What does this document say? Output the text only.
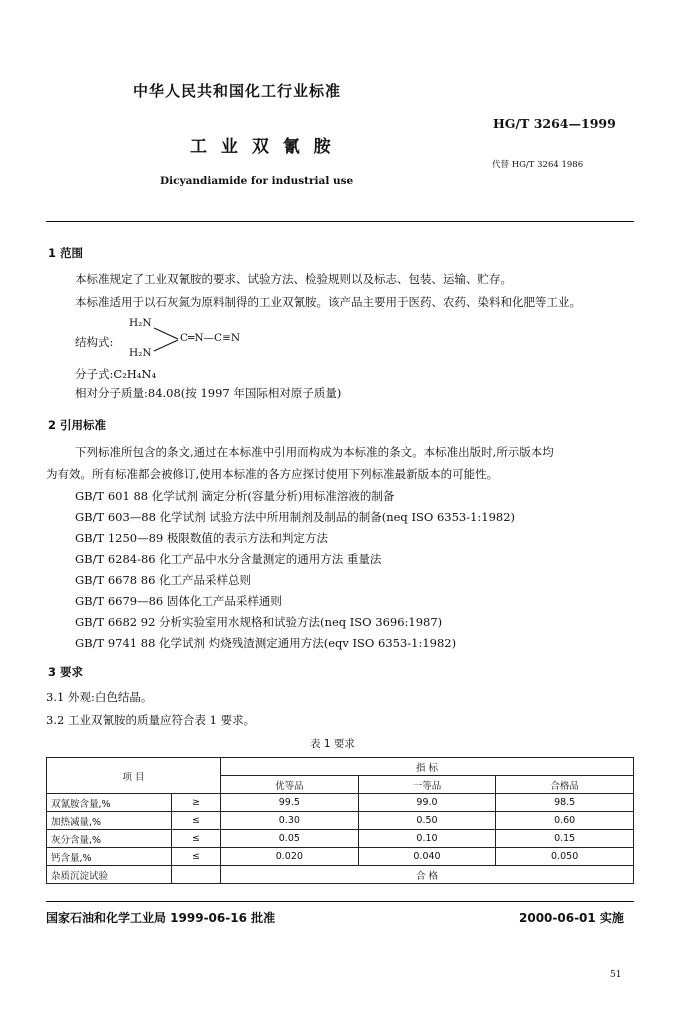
中华人民共和国化工行业标准
HG/T 3264—1999
工 业 双 氰 胺
代替 HG/T 3264 1986
Dicyandiamide for industrial use
1 范围
本标准规定了工业双氰胺的要求、试验方法、检验规则以及标志、包装、运输、贮存。
本标准适用于以石灰氮为原料制得的工业双氰胺。该产品主要用于医药、农药、染料和化肥等工业。
结构式:
H₂N
C═N—C≡N
H₂N
分子式:C₂H₄N₄
相对分子质量:84.08(按 1997 年国际相对原子质量)
2 引用标准
下列标准所包含的条文,通过在本标准中引用而构成为本标准的条文。本标准出版时,所示版本均
为有效。所有标准都会被修订,使用本标准的各方应探讨使用下列标准最新版本的可能性。
GB/T 601 88 化学试剂 滴定分析(容量分析)用标准溶液的制备
GB/T 603—88 化学试剂 试验方法中所用制剂及制品的制备(neq ISO 6353-1:1982)
GB/T 1250—89 极限数值的表示方法和判定方法
GB/T 6284-86 化工产品中水分含量测定的通用方法 重量法
GB/T 6678 86 化工产品采样总则
GB/T 6679—86 固体化工产品采样通则
GB/T 6682 92 分析实验室用水规格和试验方法(neq ISO 3696:1987)
GB/T 9741 88 化学试剂 灼烧残渣测定通用方法(eqv ISO 6353-1:1982)
3 要求
3.1 外观:白色结晶。
3.2 工业双氰胺的质量应符合表 1 要求。
表 1 要求
项 目		指 标		
		优等品	一等品	合格品
双氰胺含量,%	≥	99.5	99.0	98.5
加热减量,%	≤	0.30	0.50	0.60
灰分含量,%	≤	0.05	0.10	0.15
钙含量,%	≤	0.020	0.040	0.050
杂质沉淀试验		合 格		
国家石油和化学工业局 1999-06-16 批准	2000-06-01 实施
51
